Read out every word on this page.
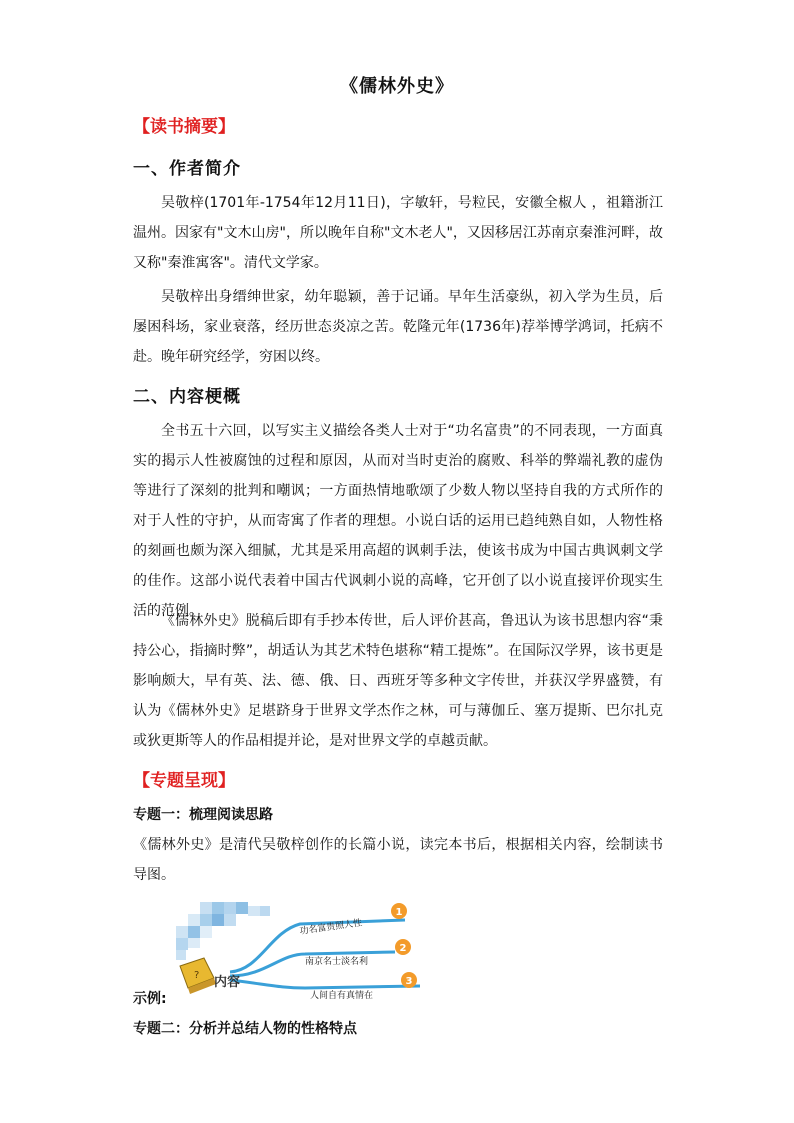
《儒林外史》
【读书摘要】
一、作者简介
吴敬梓(1701年-1754年12月11日)，字敏轩，号粒民，安徽全椒人 ，祖籍浙江温州。因家有"文木山房"，所以晚年自称"文木老人"，又因移居江苏南京秦淮河畔，故又称"秦淮寓客"。清代文学家。
吴敬梓出身缙绅世家，幼年聪颖，善于记诵。早年生活豪纵，初入学为生员，后屡困科场，家业衰落，经历世态炎凉之苦。乾隆元年(1736年)荐举博学鸿词，托病不赴。晚年研究经学，穷困以终。
二、内容梗概
全书五十六回，以写实主义描绘各类人士对于“功名富贵”的不同表现，一方面真实的揭示人性被腐蚀的过程和原因，从而对当时吏治的腐败、科举的弊端礼教的虚伪等进行了深刻的批判和嘲讽；一方面热情地歌颂了少数人物以坚持自我的方式所作的对于人性的守护，从而寄寓了作者的理想。小说白话的运用已趋纯熟自如，人物性格的刻画也颇为深入细腻，尤其是采用高超的讽刺手法，使该书成为中国古典讽刺文学的佳作。这部小说代表着中国古代讽刺小说的高峰，它开创了以小说直接评价现实生活的范例。
《儒林外史》脱稿后即有手抄本传世，后人评价甚高，鲁迅认为该书思想内容“秉持公心，指摘时弊”，胡适认为其艺术特色堪称“精工提炼”。在国际汉学界，该书更是影响颇大，早有英、法、德、俄、日、西班牙等多种文字传世，并获汉学界盛赞，有认为《儒林外史》足堪跻身于世界文学杰作之林，可与薄伽丘、塞万提斯、巴尔扎克或狄更斯等人的作品相提并论，是对世界文学的卓越贡献。
【专题呈现】
专题一：梳理阅读思路
《儒林外史》是清代吴敬梓创作的长篇小说，读完本书后，根据相关内容，绘制读书导图。
示例:
? 内容
功名富贵照人性
南京名士淡名利
人间自有真情在
1
2
3
专题二：分析并总结人物的性格特点
